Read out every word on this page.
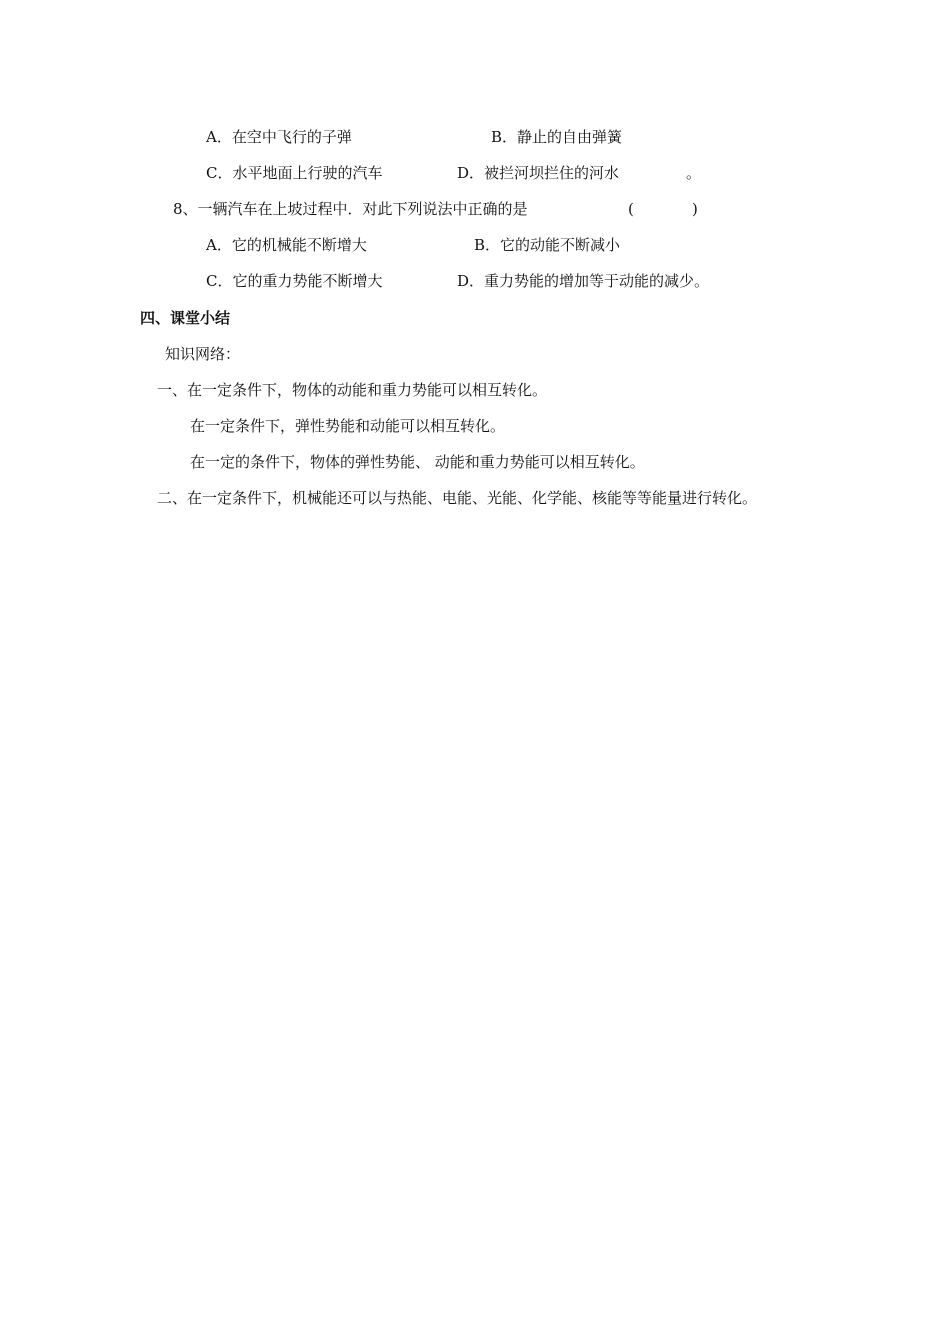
A．在空中飞行的子弹	B．静止的自由弹簧
C．水平地面上行驶的汽车	D．被拦河坝拦住的河水	。
8、一辆汽车在上坡过程中．对此下列说法中正确的是	(	)
A．它的机械能不断增大	B．它的动能不断减小
C．它的重力势能不断增大	D．重力势能的增加等于动能的减少。
四、课堂小结
知识网络：
一、在一定条件下，物体的动能和重力势能可以相互转化。
在一定条件下，弹性势能和动能可以相互转化。
在一定的条件下，物体的弹性势能、 动能和重力势能可以相互转化。
二、在一定条件下，机械能还可以与热能、电能、光能、化学能、核能等等能量进行转化。
